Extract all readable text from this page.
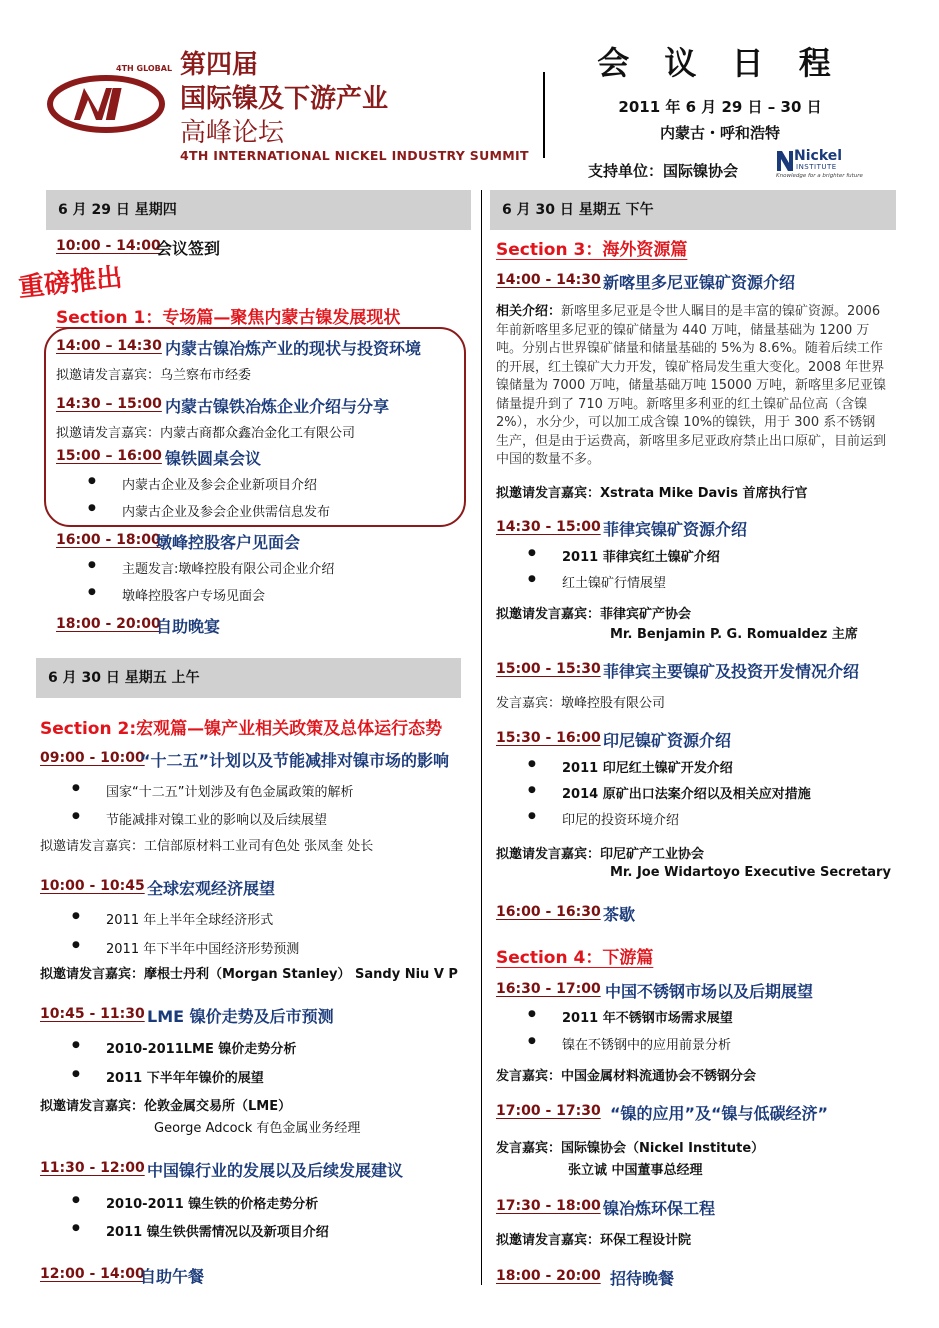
4TH GLOBAL 第四届
国际镍及下游产业
高峰论坛
4TH INTERNATIONAL NICKEL INDUSTRY SUMMIT
会 议 日 程
2011 年 6 月 29 日 – 30 日
内蒙古・呼和浩特
支持单位：国际镍协会
Nickel
INSTITUTE
Knowledge for a brighter future
6 月 29 日 星期四
10:00 - 14:00
会议签到
重磅推出
Section 1：专场篇—聚焦内蒙古镍发展现状
14:00 – 14:30 内蒙古镍冶炼产业的现状与投资环境
拟邀请发言嘉宾：乌兰察布市经委
14:30 – 15:00 内蒙古镍铁冶炼企业介绍与分享
拟邀请发言嘉宾：内蒙古商都众鑫冶金化工有限公司
15:00 – 16:00 镍铁圆桌会议
● 内蒙古企业及参会企业新项目介绍
● 内蒙古企业及参会企业供需信息发布
16:00 - 18:00
墩峰控股客户见面会
● 主题发言:墩峰控股有限公司企业介绍
● 墩峰控股客户专场见面会
18:00 - 20:00
自助晚宴
6 月 30 日 星期五 上午
Section 2:宏观篇—镍产业相关政策及总体运行态势
09:00 - 10:00
“十二五”计划以及节能减排对镍市场的影响
● 国家“十二五”计划涉及有色金属政策的解析
● 节能减排对镍工业的影响以及后续展望
拟邀请发言嘉宾：工信部原材料工业司有色处 张凤奎 处长
10:00 - 10:45 全球宏观经济展望
● 2011 年上半年全球经济形式
● 2011 年下半年中国经济形势预测
拟邀请发言嘉宾：摩根士丹利（Morgan Stanley） Sandy Niu V P
10:45 - 11:30 LME 镍价走势及后市预测
● 2010-2011LME 镍价走势分析
● 2011 下半年年镍价的展望
拟邀请发言嘉宾：伦敦金属交易所（LME）
George Adcock 有色金属业务经理
11:30 - 12:00 中国镍行业的发展以及后续发展建议
● 2010-2011 镍生铁的价格走势分析
● 2011 镍生铁供需情况以及新项目介绍
12:00 - 14:00
自助午餐
6 月 30 日 星期五 下午
Section 3：海外资源篇
14:00 - 14:30 新喀里多尼亚镍矿资源介绍
相关介绍：新喀里多尼亚是令世人瞩目的是丰富的镍矿资源。2006 年前新喀里多尼亚的镍矿储量为 440 万吨，储量基础为 1200 万吨。分别占世界镍矿储量和储量基础的 5%为 8.6%。随着后续工作的开展，红土镍矿大力开发，镍矿格局发生重大变化。2008 年世界镍储量为 7000 万吨，储量基础万吨 15000 万吨，新喀里多尼亚镍储量提升到了 710 万吨。新喀里多利亚的红土镍矿品位高（含镍 2%），水分少，可以加工成含镍 10%的镍铁，用于 300 系不锈钢生产，但是由于运费高，新喀里多尼亚政府禁止出口原矿，目前运到中国的数量不多。
拟邀请发言嘉宾：Xstrata Mike Davis 首席执行官
14:30 - 15:00 菲律宾镍矿资源介绍
● 2011 菲律宾红土镍矿介绍
● 红土镍矿行情展望
拟邀请发言嘉宾：菲律宾矿产协会
Mr. Benjamin P. G. Romualdez 主席
15:00 - 15:30 菲律宾主要镍矿及投资开发情况介绍
发言嘉宾：墩峰控股有限公司
15:30 - 16:00 印尼镍矿资源介绍
● 2011 印尼红土镍矿开发介绍
● 2014 原矿出口法案介绍以及相关应对措施
● 印尼的投资环境介绍
拟邀请发言嘉宾：印尼矿产工业协会
Mr. Joe Widartoyo Executive Secretary
16:00 - 16:30 茶歇
Section 4：下游篇
16:30 - 17:00 中国不锈钢市场以及后期展望
● 2011 年不锈钢市场需求展望
● 镍在不锈钢中的应用前景分析
发言嘉宾：中国金属材料流通协会不锈钢分会
17:00 - 17:30 “镍的应用”及“镍与低碳经济”
发言嘉宾：国际镍协会（Nickel Institute）
张立诚 中国董事总经理
17:30 - 18:00 镍冶炼环保工程
拟邀请发言嘉宾：环保工程设计院
18:00 - 20:00 招待晚餐
